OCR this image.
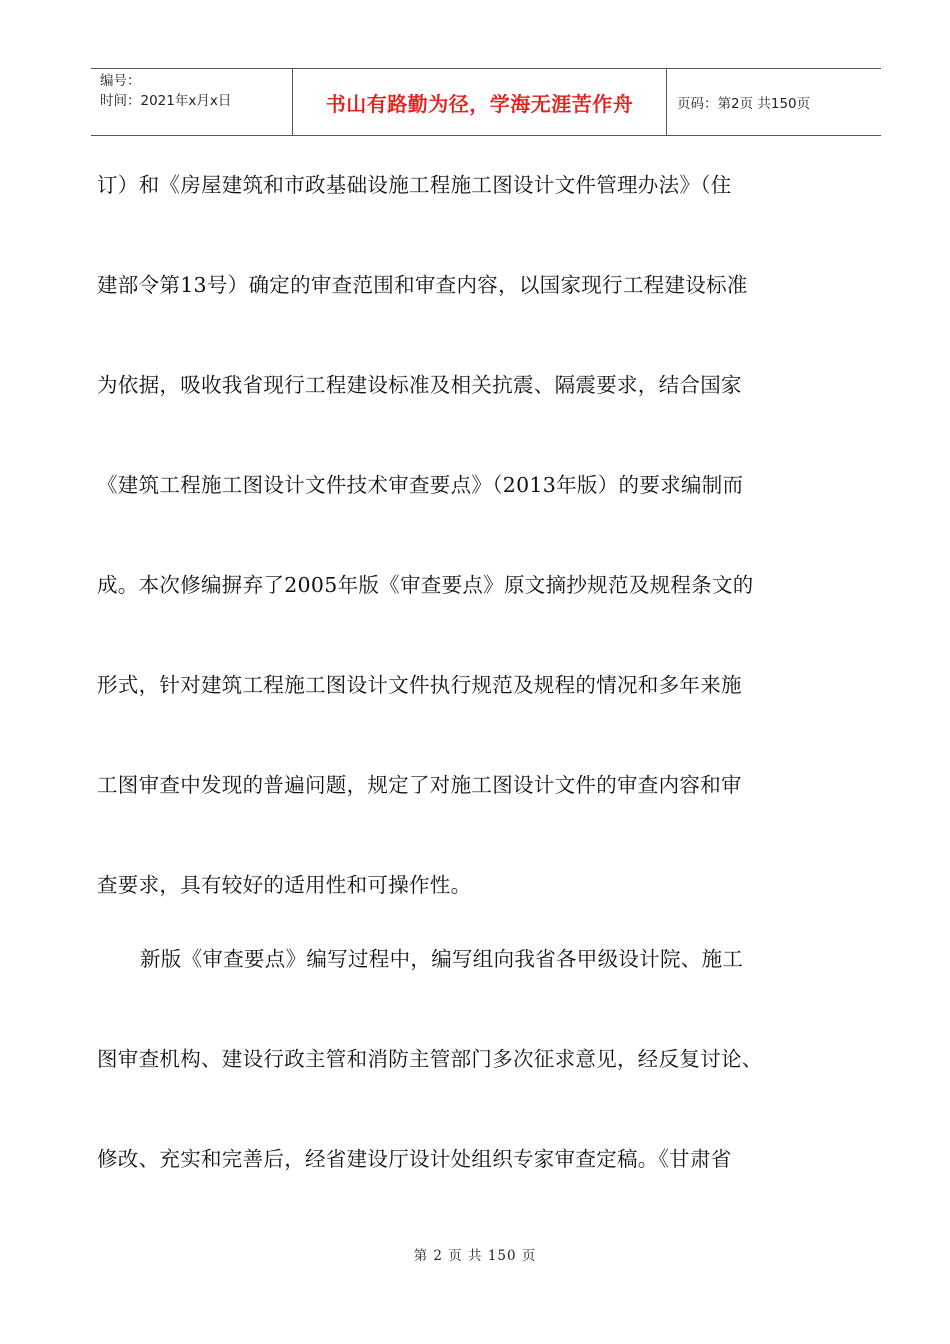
编号：
时间：2021年x月x日	书山有路勤为径，学海无涯苦作舟	页码：第2页 共150页
订）和《房屋建筑和市政基础设施工程施工图设计文件管理办法》（住
建部令第13号）确定的审查范围和审查内容，以国家现行工程建设标准
为依据，吸收我省现行工程建设标准及相关抗震、隔震要求，结合国家
《建筑工程施工图设计文件技术审查要点》（2013年版）的要求编制而
成。本次修编摒弃了2005年版《审查要点》原文摘抄规范及规程条文的
形式，针对建筑工程施工图设计文件执行规范及规程的情况和多年来施
工图审查中发现的普遍问题，规定了对施工图设计文件的审查内容和审
查要求，具有较好的适用性和可操作性。
新版《审查要点》编写过程中，编写组向我省各甲级设计院、施工
图审查机构、建设行政主管和消防主管部门多次征求意见，经反复讨论、
修改、充实和完善后，经省建设厅设计处组织专家审查定稿。《甘肃省
第 2 页 共 150 页
